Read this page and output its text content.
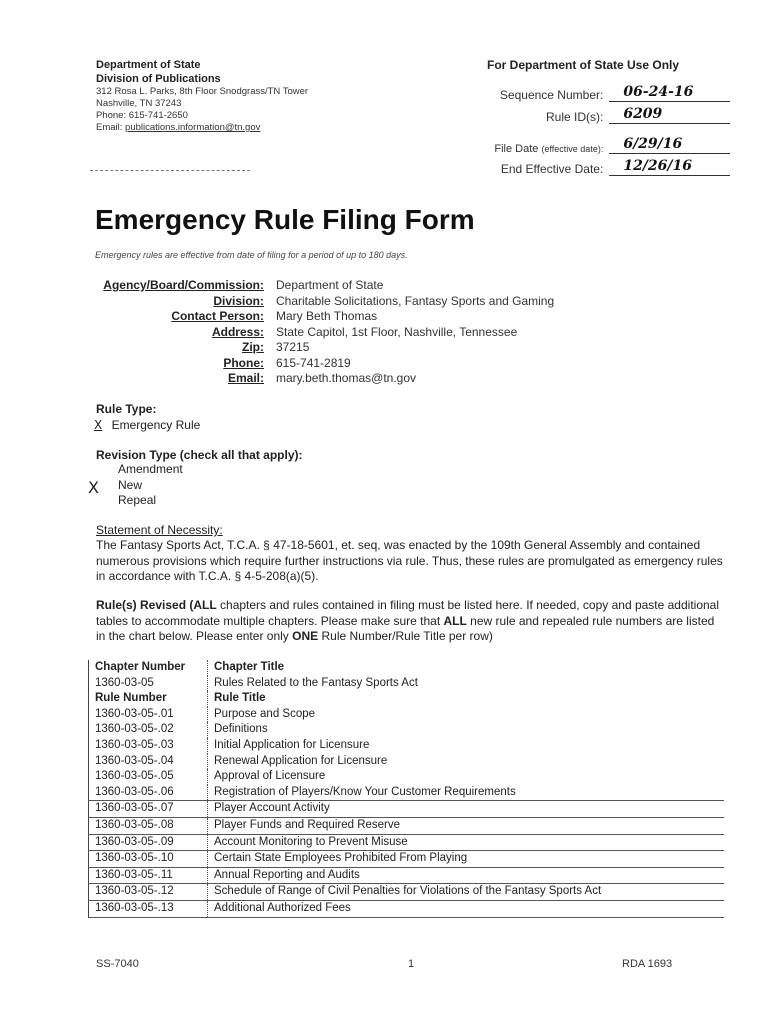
Department of State
Division of Publications
312 Rosa L. Parks, 8th Floor Snodgrass/TN Tower
Nashville, TN 37243
Phone: 615-741-2650
Email: publications.information@tn.gov
For Department of State Use Only
Sequence Number:	06-24-16
Rule ID(s):	6209
File Date (effective date):	6/29/16
End Effective Date:	12/26/16
Emergency Rule Filing Form
Emergency rules are effective from date of filing for a period of up to 180 days.
Agency/Board/Commission:	Department of State
Division:	Charitable Solicitations, Fantasy Sports and Gaming
Contact Person:	Mary Beth Thomas
Address:	State Capitol, 1st Floor, Nashville, Tennessee
Zip:	37215
Phone:	615-741-2819
Email:	mary.beth.thomas@tn.gov
Rule Type:
X Emergency Rule
Revision Type (check all that apply):
Amendment
X New
Repeal
Statement of Necessity:
The Fantasy Sports Act, T.C.A. § 47-18-5601, et. seq, was enacted by the 109th General Assembly and contained numerous provisions which require further instructions via rule. Thus, these rules are promulgated as emergency rules in accordance with T.C.A. § 4-5-208(a)(5).
Rule(s) Revised (ALL chapters and rules contained in filing must be listed here. If needed, copy and paste additional tables to accommodate multiple chapters. Please make sure that ALL new rule and repealed rule numbers are listed in the chart below. Please enter only ONE Rule Number/Rule Title per row)
Chapter Number	Chapter Title
1360-03-05	Rules Related to the Fantasy Sports Act
Rule Number	Rule Title
1360-03-05-.01	Purpose and Scope
1360-03-05-.02	Definitions
1360-03-05-.03	Initial Application for Licensure
1360-03-05-.04	Renewal Application for Licensure
1360-03-05-.05	Approval of Licensure
1360-03-05-.06	Registration of Players/Know Your Customer Requirements
1360-03-05-.07	Player Account Activity
1360-03-05-.08	Player Funds and Required Reserve
1360-03-05-.09	Account Monitoring to Prevent Misuse
1360-03-05-.10	Certain State Employees Prohibited From Playing
1360-03-05-.11	Annual Reporting and Audits
1360-03-05-.12	Schedule of Range of Civil Penalties for Violations of the Fantasy Sports Act
1360-03-05-.13	Additional Authorized Fees
SS-7040	1	RDA 1693
